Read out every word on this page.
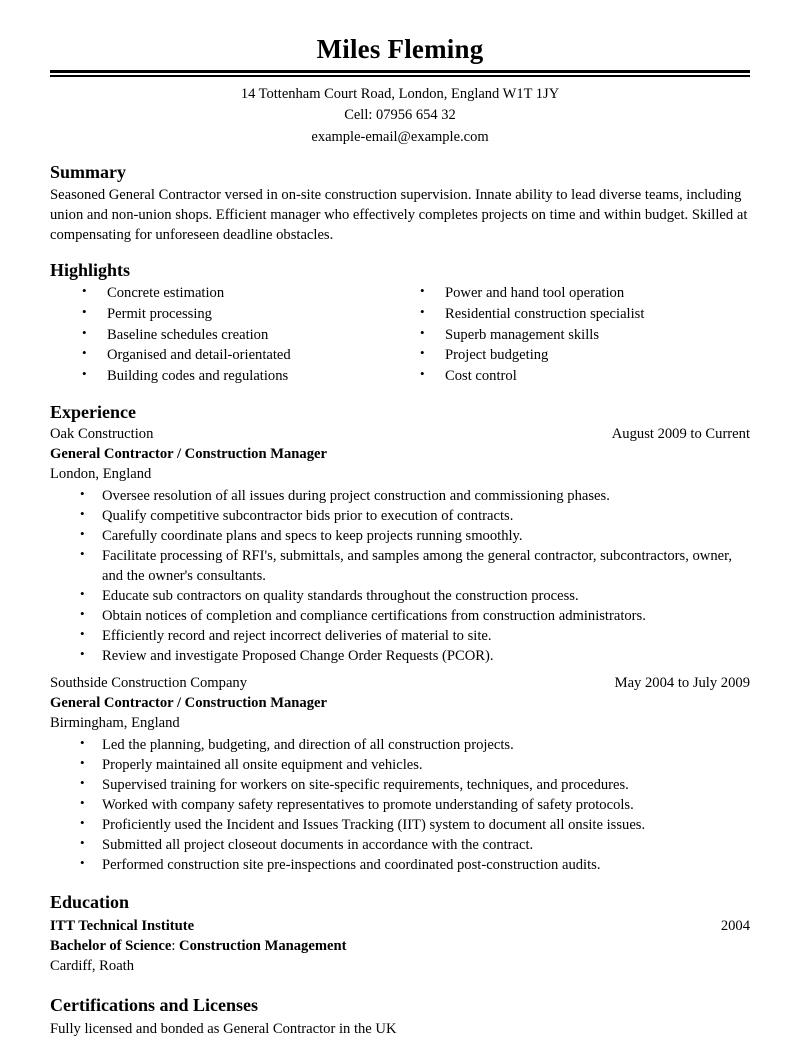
Miles Fleming
14 Tottenham Court Road, London, England W1T 1JY
Cell: 07956 654 32
example-email@example.com
Summary

Seasoned General Contractor versed in on-site construction supervision. Innate ability to lead diverse teams, including union and non-union shops. Efficient manager who effectively completes projects on time and within budget. Skilled at compensating for unforeseen deadline obstacles.

Highlights
• Concrete estimation
• Permit processing
• Baseline schedules creation
• Organised and detail-orientated
• Building codes and regulations
• Power and hand tool operation
• Residential construction specialist
• Superb management skills
• Project budgeting
• Cost control
Experience
Oak Construction	August 2009 to Current
General Contractor / Construction Manager
London, England
• Oversee resolution of all issues during project construction and commissioning phases.
• Qualify competitive subcontractor bids prior to execution of contracts.
• Carefully coordinate plans and specs to keep projects running smoothly.
• Facilitate processing of RFI's, submittals, and samples among the general contractor, subcontractors, owner, and the owner's consultants.
• Educate sub contractors on quality standards throughout the construction process.
• Obtain notices of completion and compliance certifications from construction administrators.
• Efficiently record and reject incorrect deliveries of material to site.
• Review and investigate Proposed Change Order Requests (PCOR).
Southside Construction Company	May 2004 to July 2009
General Contractor / Construction Manager
Birmingham, England
• Led the planning, budgeting, and direction of all construction projects.
• Properly maintained all onsite equipment and vehicles.
• Supervised training for workers on site-specific requirements, techniques, and procedures.
• Worked with company safety representatives to promote understanding of safety protocols.
• Proficiently used the Incident and Issues Tracking (IIT) system to document all onsite issues.
• Submitted all project closeout documents in accordance with the contract.
• Performed construction site pre-inspections and coordinated post-construction audits.
Education
ITT Technical Institute	2004
Bachelor of Science: Construction Management
Cardiff, Roath
Certifications and Licenses

Fully licensed and bonded as General Contractor in the UK
